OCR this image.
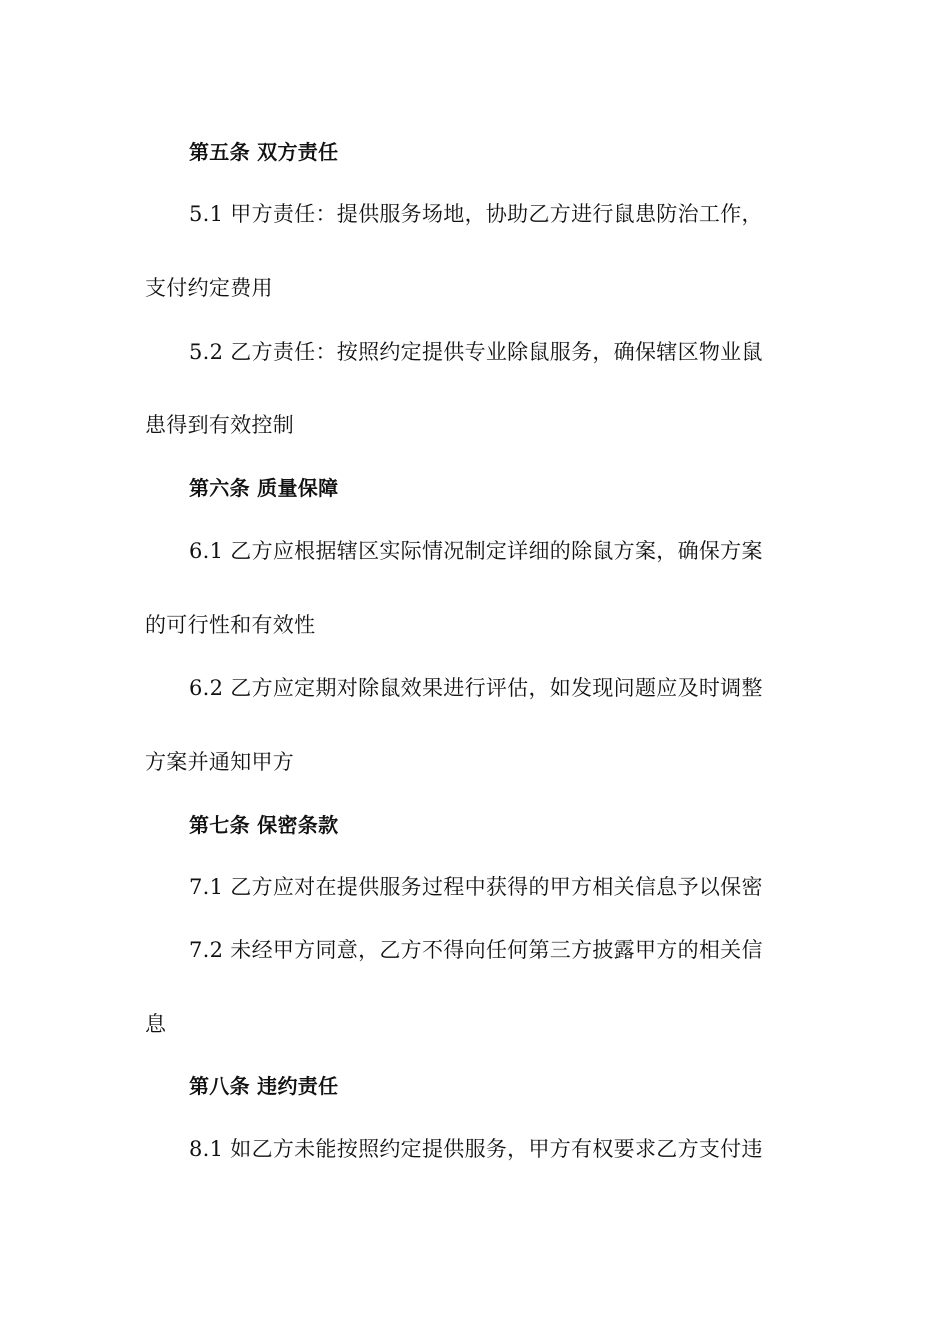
第五条 双方责任
5.1 甲方责任：提供服务场地，协助乙方进行鼠患防治工作，
支付约定费用
5.2 乙方责任：按照约定提供专业除鼠服务，确保辖区物业鼠
患得到有效控制
第六条 质量保障
6.1 乙方应根据辖区实际情况制定详细的除鼠方案，确保方案
的可行性和有效性
6.2 乙方应定期对除鼠效果进行评估，如发现问题应及时调整
方案并通知甲方
第七条 保密条款
7.1 乙方应对在提供服务过程中获得的甲方相关信息予以保密
7.2 未经甲方同意，乙方不得向任何第三方披露甲方的相关信
息
第八条 违约责任
8.1 如乙方未能按照约定提供服务，甲方有权要求乙方支付违
